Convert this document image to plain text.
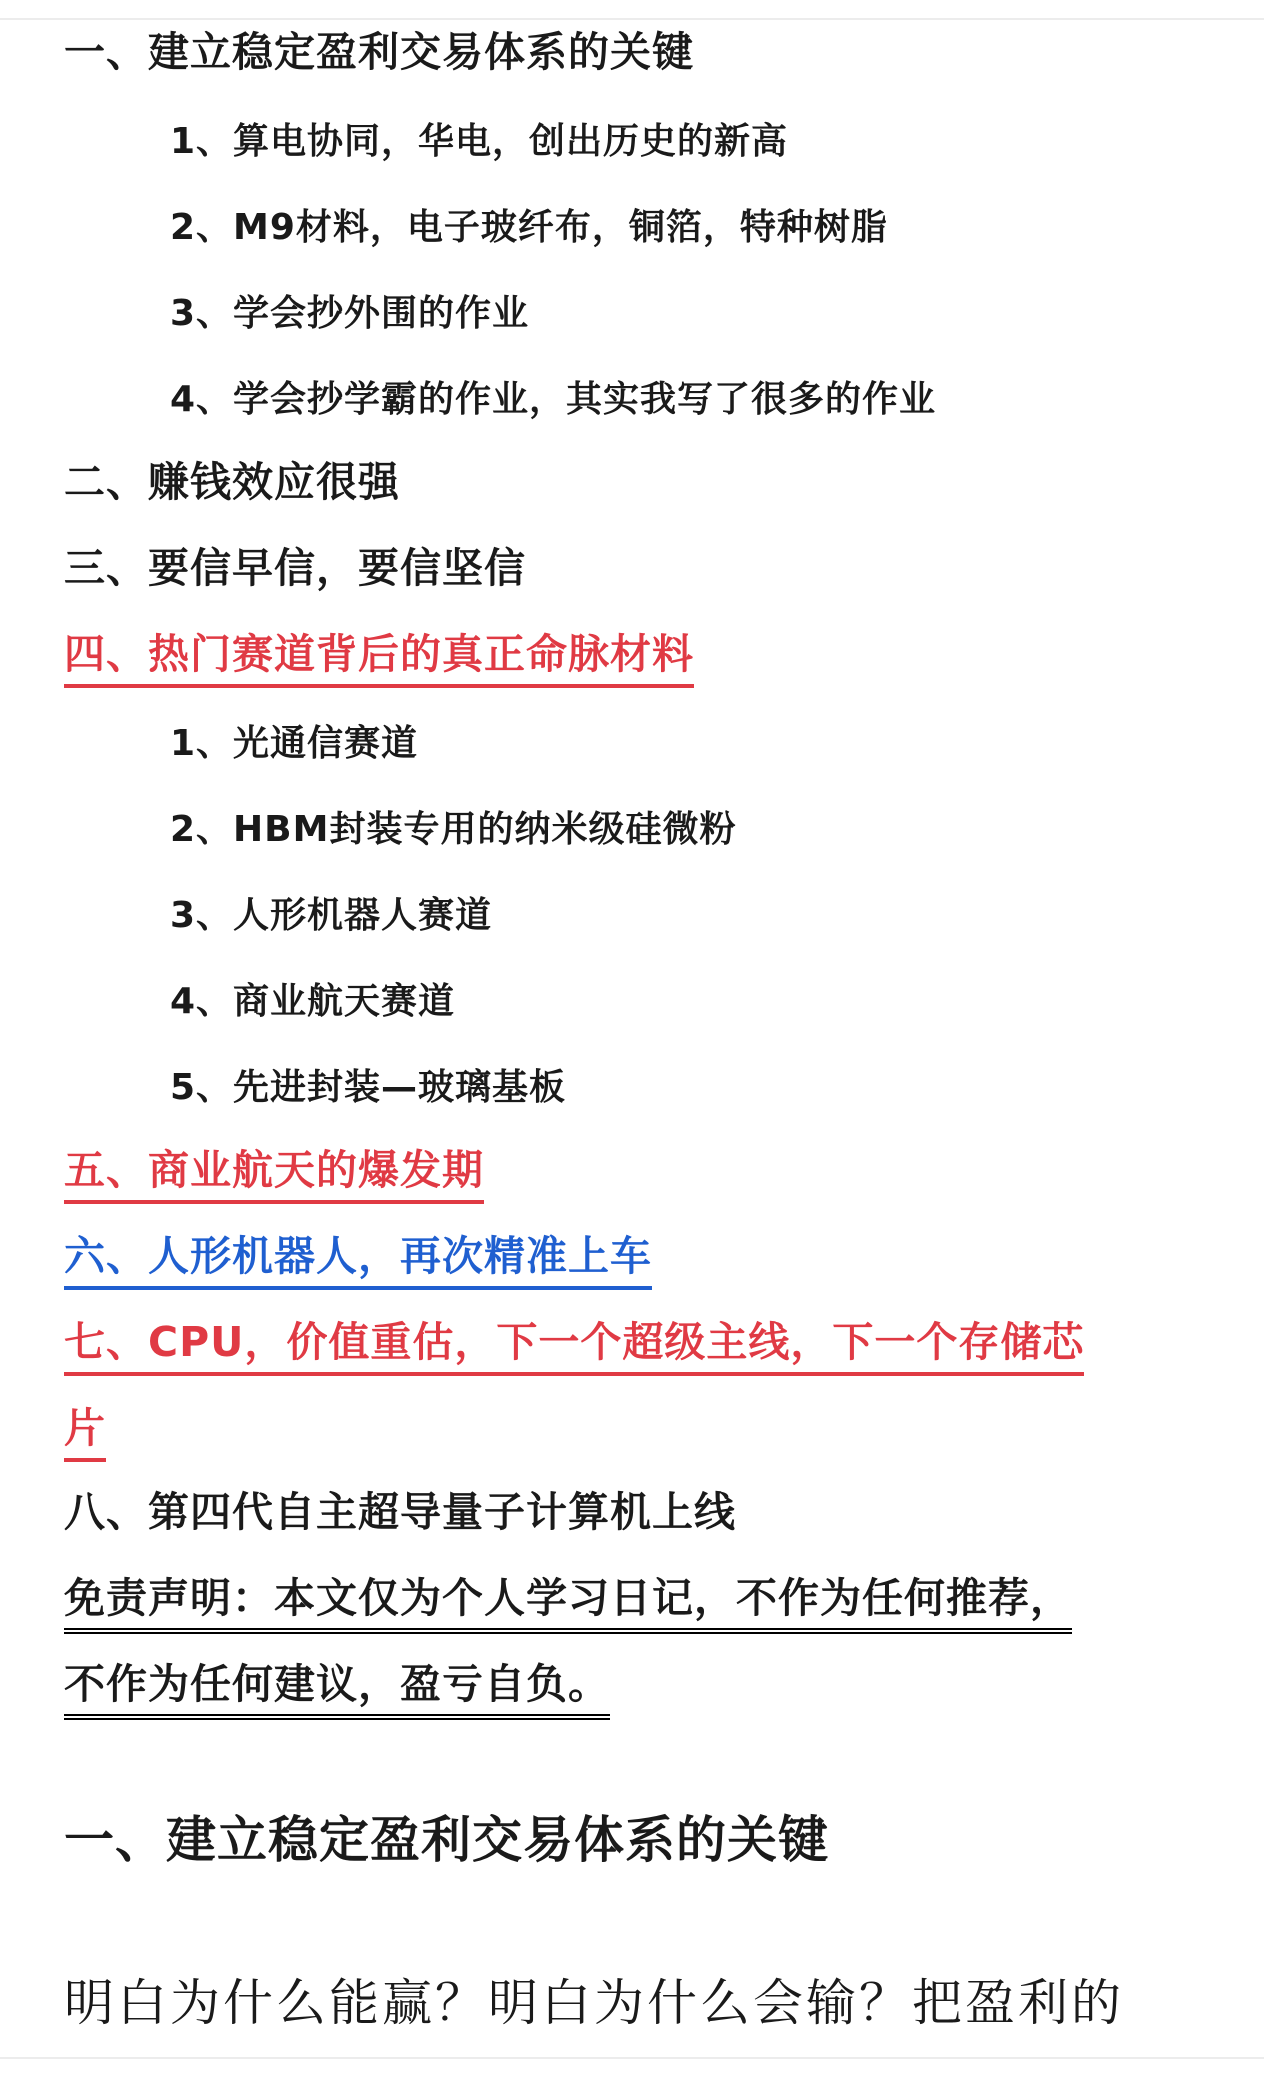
一、建立稳定盈利交易体系的关键
1、算电协同，华电，创出历史的新高
2、M9材料，电子玻纤布，铜箔，特种树脂
3、学会抄外围的作业
4、学会抄学霸的作业，其实我写了很多的作业
二、赚钱效应很强
三、要信早信，要信坚信
四、热门赛道背后的真正命脉材料
1、光通信赛道
2、HBM封装专用的纳米级硅微粉
3、人形机器人赛道
4、商业航天赛道
5、先进封装—玻璃基板
五、商业航天的爆发期
六、人形机器人，再次精准上车
七、CPU，价值重估，下一个超级主线，下一个存储芯
片
八、第四代自主超导量子计算机上线
免责声明：本文仅为个人学习日记，不作为任何推荐，
不作为任何建议，盈亏自负。
一、建立稳定盈利交易体系的关键
明白为什么能赢？明白为什么会输？把盈利的
